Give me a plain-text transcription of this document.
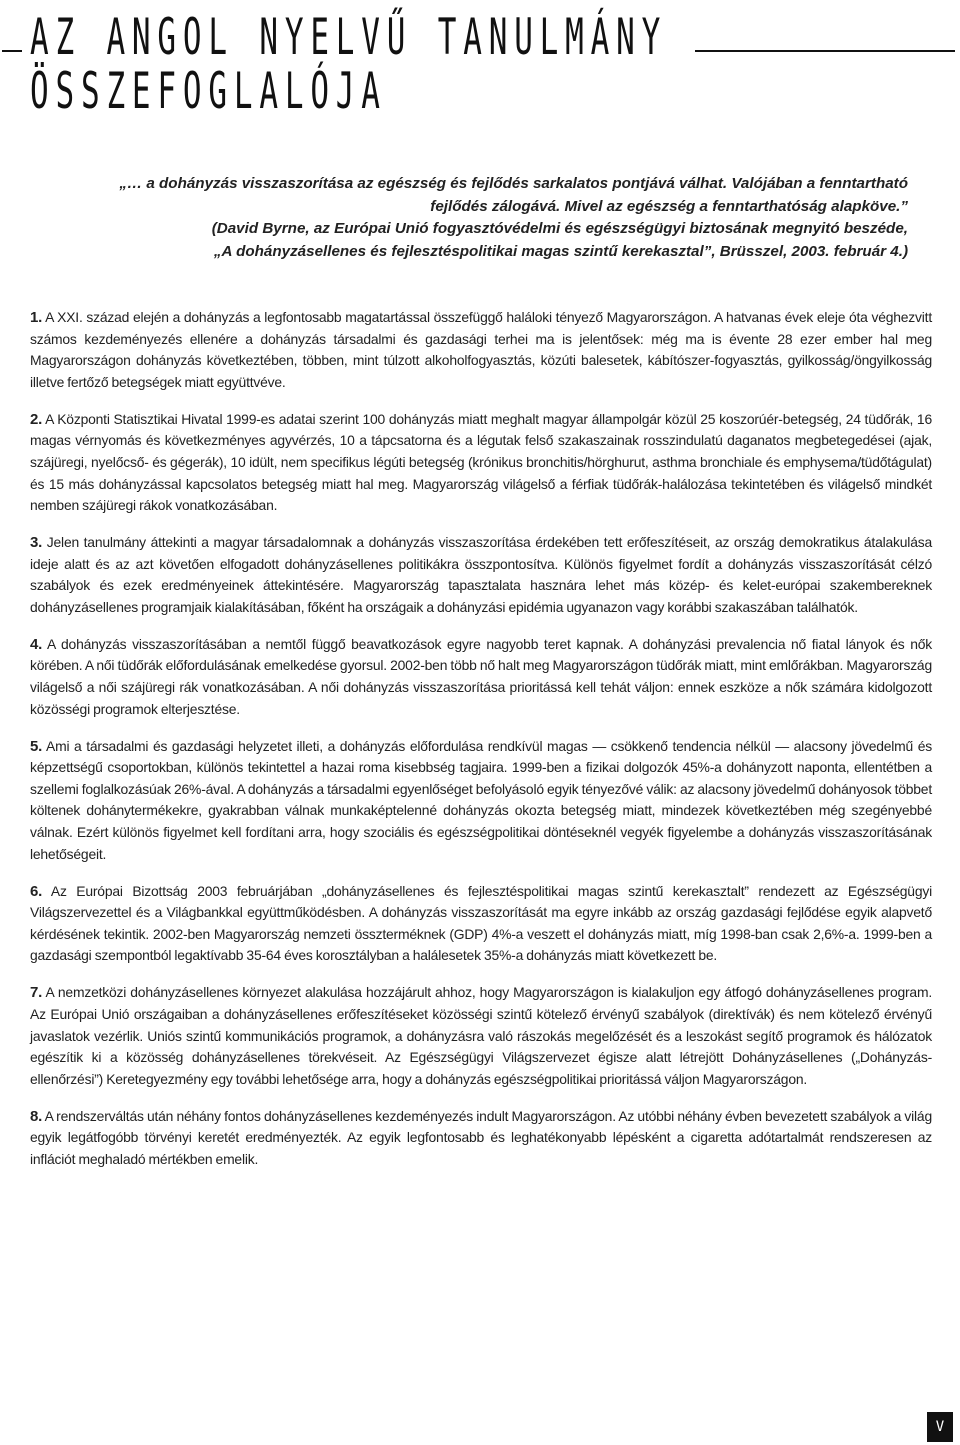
AZ ANGOL NYELVŰ TANULMÁNY
ÖSSZEFOGLALÓJA

„… a dohányzás visszaszorítása az egészség és fejlődés sarkalatos pontjává válhat. Valójában a fenntartható

fejlődés zálogává. Mivel az egészség a fenntarthatóság alapköve.”

(David Byrne, az Európai Unió fogyasztóvédelmi és egészségügyi biztosának megnyitó beszéde,

„A dohányzásellenes és fejlesztéspolitikai magas szintű kerekasztal”, Brüsszel, 2003. február 4.)

1. A XXI. század elején a dohányzás a legfontosabb magatartással összefüggő haláloki tényező Magyarországon. A hatvanas évek eleje óta véghezvitt számos kezdeményezés ellenére a dohányzás társadalmi és gazdasági terhei ma is jelentősek: még ma is évente 28 ezer ember hal meg Magyarországon dohányzás következtében, többen, mint túlzott alkoholfogyasztás, közúti balesetek, kábítószer-fogyasztás, gyilkosság/öngyilkosság illetve fertőző betegségek miatt együttvéve.

2. A Központi Statisztikai Hivatal 1999-es adatai szerint 100 dohányzás miatt meghalt magyar állampolgár közül 25 koszorúér-betegség, 24 tüdőrák, 16 magas vérnyomás és következményes agyvérzés, 10 a tápcsatorna és a légutak felső szakaszainak rosszindulatú daganatos megbetegedései (ajak, szájüregi, nyelőcső- és gégerák), 10 idült, nem specifikus légúti betegség (krónikus bronchitis/hörghurut, asthma bronchiale és emphysema/tüdőtágulat) és 15 más dohányzással kapcsolatos betegség miatt hal meg. Magyarország világelső a férfiak tüdőrák-halálozása tekintetében és világelső mindkét nemben szájüregi rákok vonatkozásában.

3. Jelen tanulmány áttekinti a magyar társadalomnak a dohányzás visszaszorítása érdekében tett erőfeszítéseit, az ország demokratikus átalakulása ideje alatt és az azt követően elfogadott dohányzásellenes politikákra összpontosítva. Különös figyelmet fordít a dohányzás visszaszorítását célzó szabályok és ezek eredményeinek áttekintésére. Magyarország tapasztalata hasznára lehet más közép- és kelet-európai szakembereknek dohányzásellenes programjaik kialakításában, főként ha országaik a dohányzási epidémia ugyanazon vagy korábbi szakaszában találhatók.

4. A dohányzás visszaszorításában a nemtől függő beavatkozások egyre nagyobb teret kapnak. A dohányzási prevalencia nő fiatal lányok és nők körében. A női tüdőrák előfordulásának emelkedése gyorsul. 2002-ben több nő halt meg Magyarországon tüdőrák miatt, mint emlőrákban. Magyarország világelső a női szájüregi rák vonatkozásában. A női dohányzás visszaszorítása prioritássá kell tehát váljon: ennek eszköze a nők számára kidolgozott közösségi programok elterjesztése.

5. Ami a társadalmi és gazdasági helyzetet illeti, a dohányzás előfordulása rendkívül magas — csökkenő tendencia nélkül — alacsony jövedelmű és képzettségű csoportokban, különös tekintettel a hazai roma kisebbség tagjaira. 1999-ben a fizikai dolgozók 45%-a dohányzott naponta, ellentétben a szellemi foglalkozásúak 26%-ával. A dohányzás a társadalmi egyenlőséget befolyásoló egyik tényezővé válik: az alacsony jövedelmű dohányosok többet költenek dohánytermékekre, gyakrabban válnak munkaképtelenné dohányzás okozta betegség miatt, mindezek következtében még szegényebbé válnak. Ezért különös figyelmet kell fordítani arra, hogy szociális és egészségpolitikai döntéseknél vegyék figyelembe a dohányzás visszaszorításának lehetőségeit.

6. Az Európai Bizottság 2003 februárjában „dohányzásellenes és fejlesztéspolitikai magas szintű kerekasztalt” rendezett az Egészségügyi Világszervezettel és a Világbankkal együttműködésben. A dohányzás visszaszorítását ma egyre inkább az ország gazdasági fejlődése egyik alapvető kérdésének tekintik. 2002-ben Magyarország nemzeti összterméknek (GDP) 4%-a veszett el dohányzás miatt, míg 1998-ban csak 2,6%-a. 1999-ben a gazdasági szempontból legaktívabb 35-64 éves korosztályban a halálesetek 35%-a dohányzás miatt következett be.

7. A nemzetközi dohányzásellenes környezet alakulása hozzájárult ahhoz, hogy Magyarországon is kialakuljon egy átfogó dohányzásellenes program. Az Európai Unió országaiban a dohányzásellenes erőfeszítéseket közösségi szintű kötelező érvényű szabályok (direktívák) és nem kötelező érvényű javaslatok vezérlik. Uniós szintű kommunikációs programok, a dohányzásra való rászokás megelőzését és a leszokást segítő programok és hálózatok egészítik ki a közösség dohányzásellenes törekvéseit. Az Egészségügyi Világszervezet égisze alatt létrejött Dohányzásellenes („Dohányzás-ellenőrzési”) Keretegyezmény egy további lehetősége arra, hogy a dohányzás egészségpolitikai prioritássá váljon Magyarországon.

8. A rendszerváltás után néhány fontos dohányzásellenes kezdeményezés indult Magyarországon. Az utóbbi néhány évben bevezetett szabályok a világ egyik legátfogóbb törvényi keretét eredményezték. Az egyik legfontosabb és leghatékonyabb lépésként a cigaretta adótartalmát rendszeresen az inflációt meghaladó mértékben emelik.

V
